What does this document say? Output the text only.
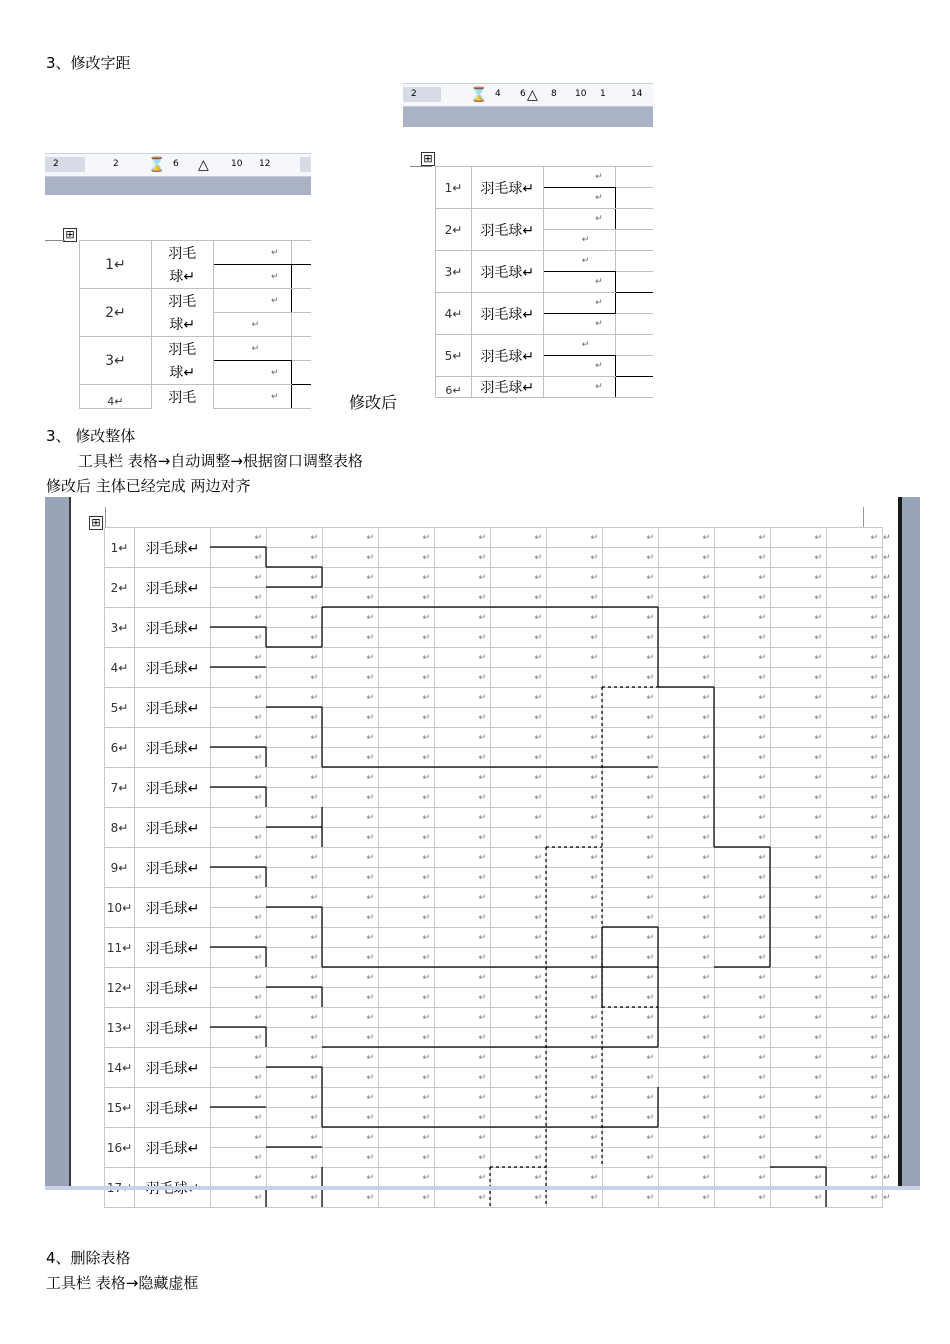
3、修改字距
2	2 ⌛ 6 △ 10 12
⊞
1↵	羽毛	↵	
	球↵	↵	
2↵	羽毛	↵	
	球↵	↵	
3↵	羽毛	↵	
	球↵	↵	
4↵	羽毛	↵		修改后
2	⌛ 4 6 △ 8 10 1	14
⊞
1↵	羽毛球↵	↵	
		↵	
2↵	羽毛球↵	↵	
		↵	
3↵	羽毛球↵	↵	
		↵	
4↵	羽毛球↵	↵	
		↵	
5↵	羽毛球↵	↵	
		↵	
6↵	羽毛球↵	↵	
3、 修改整体
工具栏 表格→自动调整→根据窗口调整表格
修改后 主体已经完成 两边对齐
⊞
1↵	羽毛球↵	↵	↵	↵	↵	↵	↵	↵	↵	↵	↵	↵	↵	↵
		↵	↵	↵	↵	↵	↵	↵	↵	↵	↵	↵	↵	↵
2↵	羽毛球↵	↵	↵	↵	↵	↵	↵	↵	↵	↵	↵	↵	↵	↵
		↵	↵	↵	↵	↵	↵	↵	↵	↵	↵	↵	↵	↵
3↵	羽毛球↵	↵	↵	↵	↵	↵	↵	↵	↵	↵	↵	↵	↵	↵
		↵	↵	↵	↵	↵	↵	↵	↵	↵	↵	↵	↵	↵
4↵	羽毛球↵	↵	↵	↵	↵	↵	↵	↵	↵	↵	↵	↵	↵	↵
		↵	↵	↵	↵	↵	↵	↵	↵	↵	↵	↵	↵	↵
5↵	羽毛球↵	↵	↵	↵	↵	↵	↵	↵	↵	↵	↵	↵	↵	↵
		↵	↵	↵	↵	↵	↵	↵	↵	↵	↵	↵	↵	↵
6↵	羽毛球↵	↵	↵	↵	↵	↵	↵	↵	↵	↵	↵	↵	↵	↵
		↵	↵	↵	↵	↵	↵	↵	↵	↵	↵	↵	↵	↵
7↵	羽毛球↵	↵	↵	↵	↵	↵	↵	↵	↵	↵	↵	↵	↵	↵
		↵	↵	↵	↵	↵	↵	↵	↵	↵	↵	↵	↵	↵
8↵	羽毛球↵	↵	↵	↵	↵	↵	↵	↵	↵	↵	↵	↵	↵	↵
		↵	↵	↵	↵	↵	↵	↵	↵	↵	↵	↵	↵	↵
9↵	羽毛球↵	↵	↵	↵	↵	↵	↵	↵	↵	↵	↵	↵	↵	↵
		↵	↵	↵	↵	↵	↵	↵	↵	↵	↵	↵	↵	↵
10↵	羽毛球↵	↵	↵	↵	↵	↵	↵	↵	↵	↵	↵	↵	↵	↵
		↵	↵	↵	↵	↵	↵	↵	↵	↵	↵	↵	↵	↵
11↵	羽毛球↵	↵	↵	↵	↵	↵	↵	↵	↵	↵	↵	↵	↵	↵
		↵	↵	↵	↵	↵	↵	↵	↵	↵	↵	↵	↵	↵
12↵	羽毛球↵	↵	↵	↵	↵	↵	↵	↵	↵	↵	↵	↵	↵	↵
		↵	↵	↵	↵	↵	↵	↵	↵	↵	↵	↵	↵	↵
13↵	羽毛球↵	↵	↵	↵	↵	↵	↵	↵	↵	↵	↵	↵	↵	↵
		↵	↵	↵	↵	↵	↵	↵	↵	↵	↵	↵	↵	↵
14↵	羽毛球↵	↵	↵	↵	↵	↵	↵	↵	↵	↵	↵	↵	↵	↵
		↵	↵	↵	↵	↵	↵	↵	↵	↵	↵	↵	↵	↵
15↵	羽毛球↵	↵	↵	↵	↵	↵	↵	↵	↵	↵	↵	↵	↵	↵
		↵	↵	↵	↵	↵	↵	↵	↵	↵	↵	↵	↵	↵
16↵	羽毛球↵	↵	↵	↵	↵	↵	↵	↵	↵	↵	↵	↵	↵	↵
		↵	↵	↵	↵	↵	↵	↵	↵	↵	↵	↵	↵	↵
		↵	↵	↵	↵	↵	↵	↵	↵	↵	↵	↵	↵	↵
		↵	↵	↵	↵	↵	↵	↵	↵	↵	↵	↵	↵	↵
4、删除表格
工具栏 表格→隐藏虚框
